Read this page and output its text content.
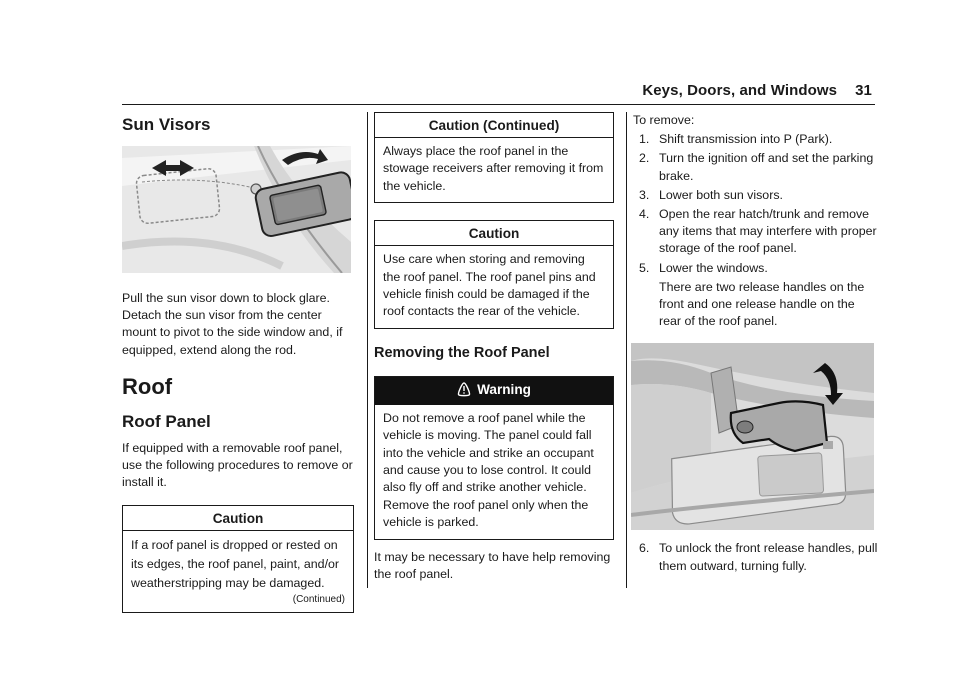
Keys, Doors, and Windows 31
Sun Visors

Pull the sun visor down to block glare. Detach the sun visor from the center mount to pivot to the side window and, if equipped, extend along the rod.

Roof
Roof Panel

If equipped with a removable roof panel, use the following procedures to remove or install it.

Caution
If a roof panel is dropped or rested on its edges, the roof panel, paint, and/or weatherstripping may be damaged.
(Continued)
Caution (Continued)
Always place the roof panel in the stowage receivers after removing it from the vehicle.
Caution
Use care when storing and removing the roof panel. The roof panel pins and vehicle finish could be damaged if the roof contacts the rear of the vehicle.
Removing the Roof Panel
Warning
Do not remove a roof panel while the vehicle is moving. The panel could fall into the vehicle and strike an occupant and cause you to lose control. It could also fly off and strike another vehicle. Remove the roof panel only when the vehicle is parked.

It may be necessary to have help removing the roof panel.

To remove:

1. Shift transmission into P (Park).
2. Turn the ignition off and set the parking brake.
3. Lower both sun visors.
4. Open the rear hatch/trunk and remove any items that may interfere with proper storage of the roof panel.
5. Lower the windows.

There are two release handles on the front and one release handle on the rear of the roof panel.

6. To unlock the front release handles, pull them outward, turning fully.
